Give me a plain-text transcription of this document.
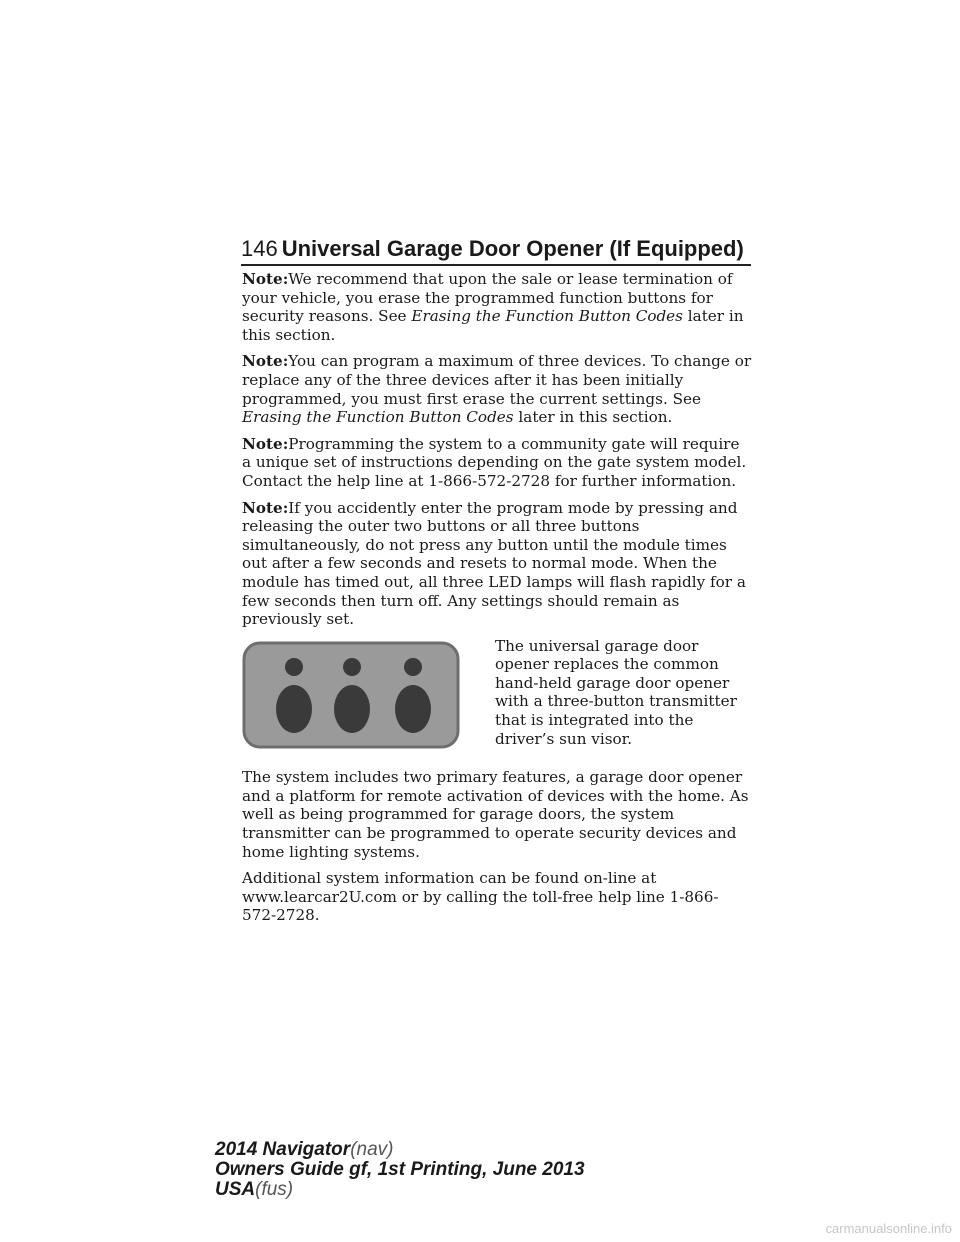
146 Universal Garage Door Opener (If Equipped)

Note:We recommend that upon the sale or lease termination of your vehicle, you erase the programmed function buttons for security reasons. See Erasing the Function Button Codes later in this section.

Note:You can program a maximum of three devices. To change or replace any of the three devices after it has been initially programmed, you must first erase the current settings. See Erasing the Function Button Codes later in this section.

Note:Programming the system to a community gate will require a unique set of instructions depending on the gate system model. Contact the help line at 1-866-572-2728 for further information.

Note:If you accidently enter the program mode by pressing and releasing the outer two buttons or all three buttons simultaneously, do not press any button until the module times out after a few seconds and resets to normal mode. When the module has timed out, all three LED lamps will flash rapidly for a few seconds then turn off. Any settings should remain as previously set.

The universal garage door opener replaces the common hand-held garage door opener with a three-button transmitter that is integrated into the driver’s sun visor.

The system includes two primary features, a garage door opener and a platform for remote activation of devices with the home. As well as being programmed for garage doors, the system transmitter can be programmed to operate security devices and home lighting systems.

Additional system information can be found on-line at www.learcar2U.com or by calling the toll-free help line 1-866-572-2728.

2014 Navigator(nav)
Owners Guide gf, 1st Printing, June 2013
USA(fus)
carmanualsonline.info
